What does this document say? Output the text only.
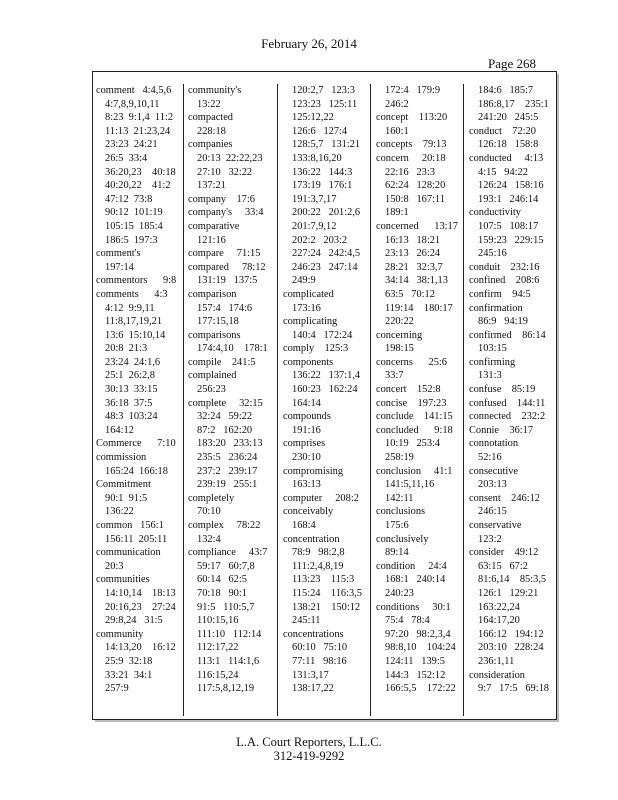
February 26, 2014
Page 268
comment   4:4,5,6
4:7,8,9,10,11
8:23  9:1,4  11:2
11:13  21:23,24
23:23  24:21
26:5  33:4
36:20,23    40:18
40:20,22    41:2
47:12  73:8
90:12  101:19
105:15  185:4
186:5  197:3
comment's
197:14
commentors      9:8
comments      4:3
4:12  9:9,11
11:8,17,19,21
13:6  15:10,14
20:8  21:3
23:24  24:1,6
25:1  26:2,8
30:13  33:15
36:18  37:5
48:3  103:24
164:12
Commerce      7:10
commission
165:24  166:18
Commitment
90:1  91:5
136:22
common   156:1
156:11  205:11
communication
20:3
communities
14:10,14    18:13
20:16,23    27:24
29:8,24   31:5
community
14:13,20    16:12
25:9  32:18
33:21  34:1
257:9
community's
13:22
compacted
228:18
companies
20:13  22:22,23
27:10   32:22
137:21
company    17:6
company's     33:4
comparative
121:16
compare     71:15
compared     78:12
131:19   137:5
comparison
157:4   174:6
177:15,18
comparisons
174:4,10    178:1
compile    241:5
complained
256:23
complete     32:15
32:24   59:22
87:2   162:20
183:20   233:13
235:5   236:24
237:2   239:17
239:19   255:1
completely
70:10
complex     78:22
132:4
compliance     43:7
59:17   60:7,8
60:14   62:5
70:18   90:1
91:5   110:5,7
110:15,16
111:10   112:14
112:17,22
113:1   114:1,6
116:15,24
117:5,8,12,19
120:2,7   123:3
123:23   125:11
125:12,22
126:6   127:4
128:5,7   131:21
133:8,16,20
136:22   144:3
173:19   176:1
191:3,7,17
200:22   201:2,6
201:7,9,12
202:2   203:2
227:24   242:4,5
246:23   247:14
249:9
complicated
173:16
complicating
140:4   172:24
comply    125:3
components
136:22   137:1,4
160:23   162:24
164:14
compounds
191:16
comprises
230:10
compromising
163:13
computer     208:2
conceivably
168:4
concentration
78:9   98:2,8
111:2,4,8,19
113:23    115:3
115:24    116:3,5
138:21    150:12
245:11
concentrations
60:10   75:10
77:11   98:16
131:3,17
138:17,22
172:4   179:9
246:2
concept    113:20
160:1
concepts    79:13
concern     20:18
22:16   23:3
62:24   128:20
150:8   167:11
189:1
concerned      13:17
16:13   18:21
23:13   26:24
28:21   32:3,7
34:14   38:1,13
63:5   70:12
119:14    180:17
220:22
concerning
198:15
concerns      25:6
33:7
concert    152:8
concise    197:23
conclude    141:15
concluded      9:18
10:19   253:4
258:19
conclusion     41:1
141:5,11,16
142:11
conclusions
175:6
conclusively
89:14
condition     24:4
168:1   240:14
240:23
conditions     30:1
75:4   78:4
97:20   98:2,3,4
98:8,10    104:24
124:11   139:5
144:3   152:12
166:5,5    172:22
184:6   185:7
186:8,17    235:1
241:20   245:5
conduct    72:20
126:18   158:8
conducted     4:13
4:15   94:22
126:24   158:16
193:1   246:14
conductivity
107:5   108:17
159:23   229:15
245:16
conduit    232:16
confined    208:6
confirm    94:5
confirmation
86:9   94:19
confirmed    86:14
103:15
confirming
131:3
confuse    85:19
confused    144:11
connected    232:2
Connie    36:17
connotation
52:16
consecutive
203:13
consent    246:12
246:15
conservative
123:2
consider    49:12
63:15   67:2
81:6,14    85:3,5
126:1   129:21
163:22,24
164:17,20
166:12   194:12
203:10   228:24
236:1,11
consideration
9:7   17:5   69:18
L.A. Court Reporters, L.L.C.
312-419-9292
